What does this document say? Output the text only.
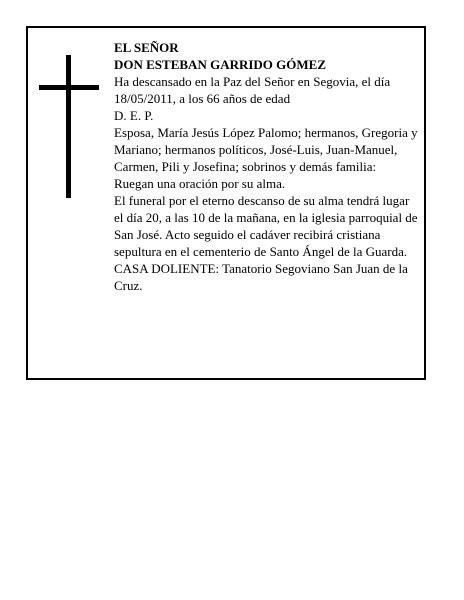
EL SEÑOR

DON ESTEBAN GARRIDO GÓMEZ

Ha descansado en la Paz del Señor en Segovia, el día 18/05/2011, a los 66 años de edad

D. E. P.

Esposa, María Jesús López Palomo; hermanos, Gregoria y Mariano; hermanos políticos, José-Luis, Juan-Manuel, Carmen, Pili y Josefina; sobrinos y demás familia:

Ruegan una oración por su alma.

El funeral por el eterno descanso de su alma tendrá lugar el día 20, a las 10 de la mañana, en la iglesia parroquial de San José. Acto seguido el cadáver recibirá cristiana sepultura en el cementerio de Santo Ángel de la Guarda.

CASA DOLIENTE: Tanatorio Segoviano San Juan de la Cruz.
